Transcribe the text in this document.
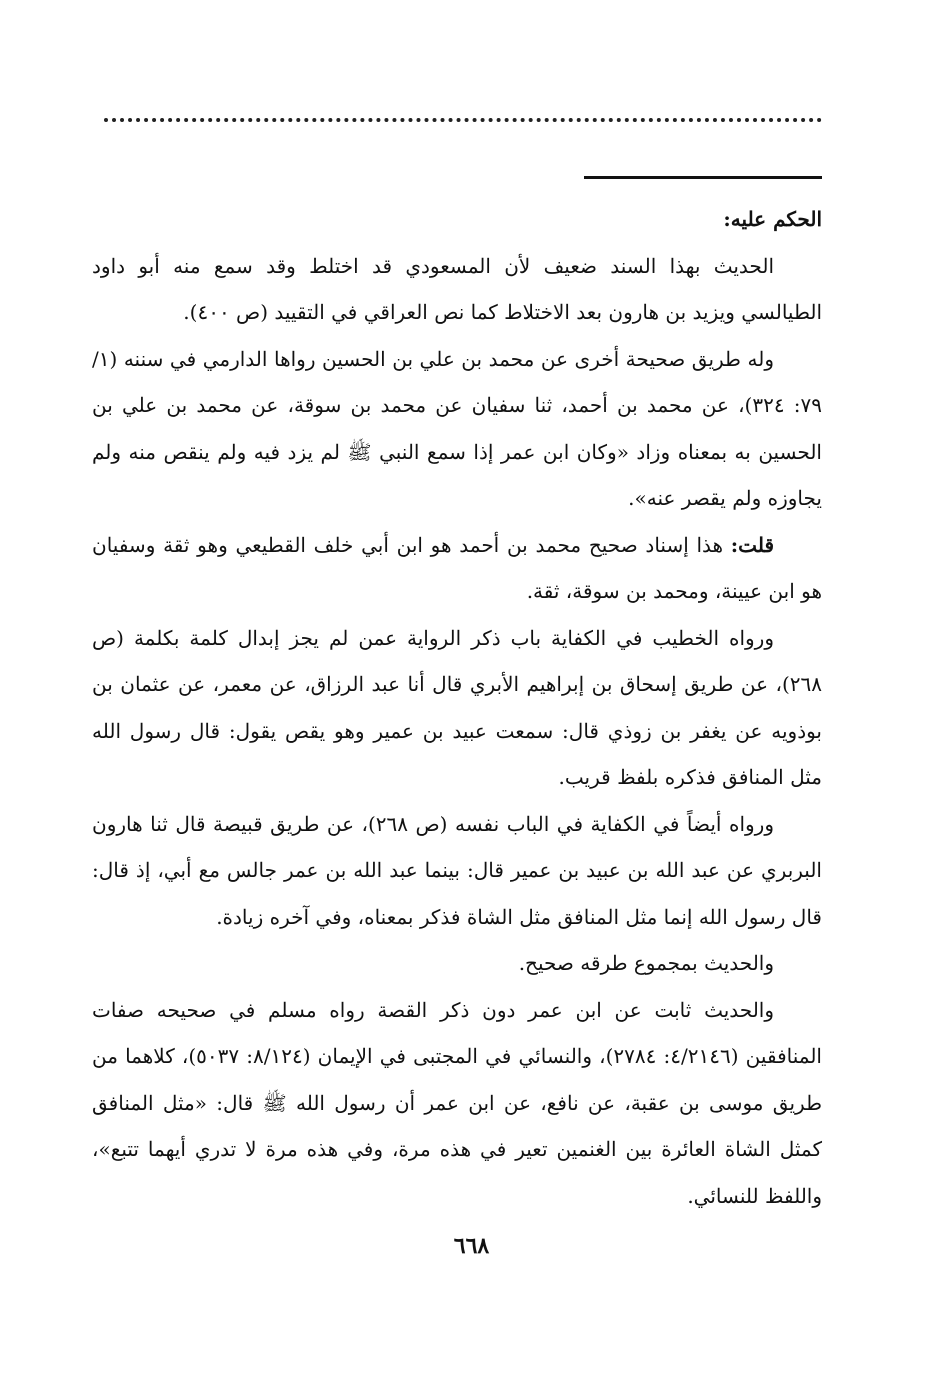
الحكم عليه:

الحديث بهذا السند ضعيف لأن المسعودي قد اختلط وقد سمع منه أبو داود الطيالسي ويزيد بن هارون بعد الاختلاط كما نص العراقي في التقييد (ص ٤٠٠).

وله طريق صحيحة أخرى عن محمد بن علي بن الحسين رواها الدارمي في سننه (١/ ٧٩: ٣٢٤)، عن محمد بن أحمد، ثنا سفيان عن محمد بن سوقة، عن محمد بن علي بن الحسين به بمعناه وزاد «وكان ابن عمر إذا سمع النبي ﷺ لم يزد فيه ولم ينقص منه ولم يجاوزه ولم يقصر عنه».

قلت: هذا إسناد صحيح محمد بن أحمد هو ابن أبي خلف القطيعي وهو ثقة وسفيان هو ابن عيينة، ومحمد بن سوقة، ثقة.

ورواه الخطيب في الكفاية باب ذكر الرواية عمن لم يجز إبدال كلمة بكلمة (ص ٢٦٨)، عن طريق إسحاق بن إبراهيم الأبري قال أنا عبد الرزاق، عن معمر، عن عثمان بن بوذويه عن يغفر بن زوذي قال: سمعت عبيد بن عمير وهو يقص يقول: قال رسول الله مثل المنافق فذكره بلفظ قريب.

ورواه أيضاً في الكفاية في الباب نفسه (ص ٢٦٨)، عن طريق قبيصة قال ثنا هارون البربري عن عبد الله بن عبيد بن عمير قال: بينما عبد الله بن عمر جالس مع أبي، إذ قال: قال رسول الله إنما مثل المنافق مثل الشاة فذكر بمعناه، وفي آخره زيادة.

والحديث بمجموع طرقه صحيح.

والحديث ثابت عن ابن عمر دون ذكر القصة رواه مسلم في صحيحه صفات المنافقين (٤/٢١٤٦: ٢٧٨٤)، والنسائي في المجتبى في الإيمان (٨/١٢٤: ٥٠٣٧)، كلاهما من طريق موسى بن عقبة، عن نافع، عن ابن عمر أن رسول الله ﷺ قال: «مثل المنافق كمثل الشاة العائرة بين الغنمين تعير في هذه مرة، وفي هذه مرة لا تدري أيهما تتبع»، واللفظ للنسائي.

٦٦٨
